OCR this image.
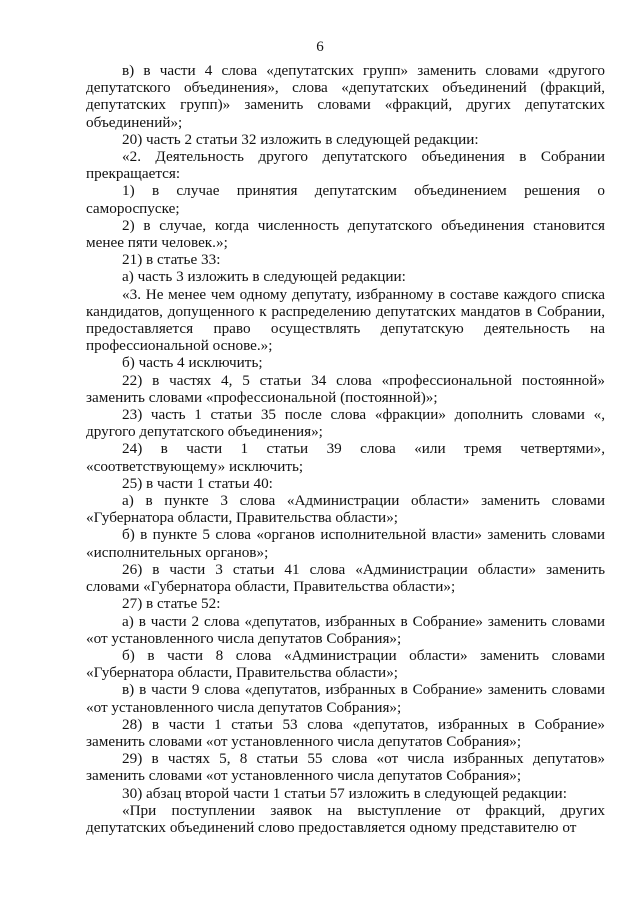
6

в) в части 4 слова «депутатских групп» заменить словами «другого депутатского объединения», слова «депутатских объединений (фракций, депутатских групп)» заменить словами «фракций, других депутатских объединений»;

20) часть 2 статьи 32 изложить в следующей редакции:

«2. Деятельность другого депутатского объединения в Собрании прекращается:

1) в случае принятия депутатским объединением решения о самороспуске;

2) в случае, когда численность депутатского объединения становится менее пяти человек.»;

21) в статье 33:

а) часть 3 изложить в следующей редакции:

«3. Не менее чем одному депутату, избранному в составе каждого списка кандидатов, допущенного к распределению депутатских мандатов в Собрании, предоставляется право осуществлять депутатскую деятельность на профессиональной основе.»;

б) часть 4 исключить;

22) в частях 4, 5 статьи 34 слова «профессиональной постоянной» заменить словами «профессиональной (постоянной)»;

23) часть 1 статьи 35 после слова «фракции» дополнить словами «, другого депутатского объединения»;

24) в части 1 статьи 39 слова «или тремя четвертями», «соответствующему» исключить;

25) в части 1 статьи 40:

а) в пункте 3 слова «Администрации области» заменить словами «Губернатора области, Правительства области»;

б) в пункте 5 слова «органов исполнительной власти» заменить словами «исполнительных органов»;

26) в части 3 статьи 41 слова «Администрации области» заменить словами «Губернатора области, Правительства области»;

27) в статье 52:

а) в части 2 слова «депутатов, избранных в Собрание» заменить словами «от установленного числа депутатов Собрания»;

б) в части 8 слова «Администрации области» заменить словами «Губернатора области, Правительства области»;

в) в части 9 слова «депутатов, избранных в Собрание» заменить словами «от установленного числа депутатов Собрания»;

28) в части 1 статьи 53 слова «депутатов, избранных в Собрание» заменить словами «от установленного числа депутатов Собрания»;

29) в частях 5, 8 статьи 55 слова «от числа избранных депутатов» заменить словами «от установленного числа депутатов Собрания»;

30) абзац второй части 1 статьи 57 изложить в следующей редакции:

«При поступлении заявок на выступление от фракций, других депутатских объединений слово предоставляется одному представителю от
